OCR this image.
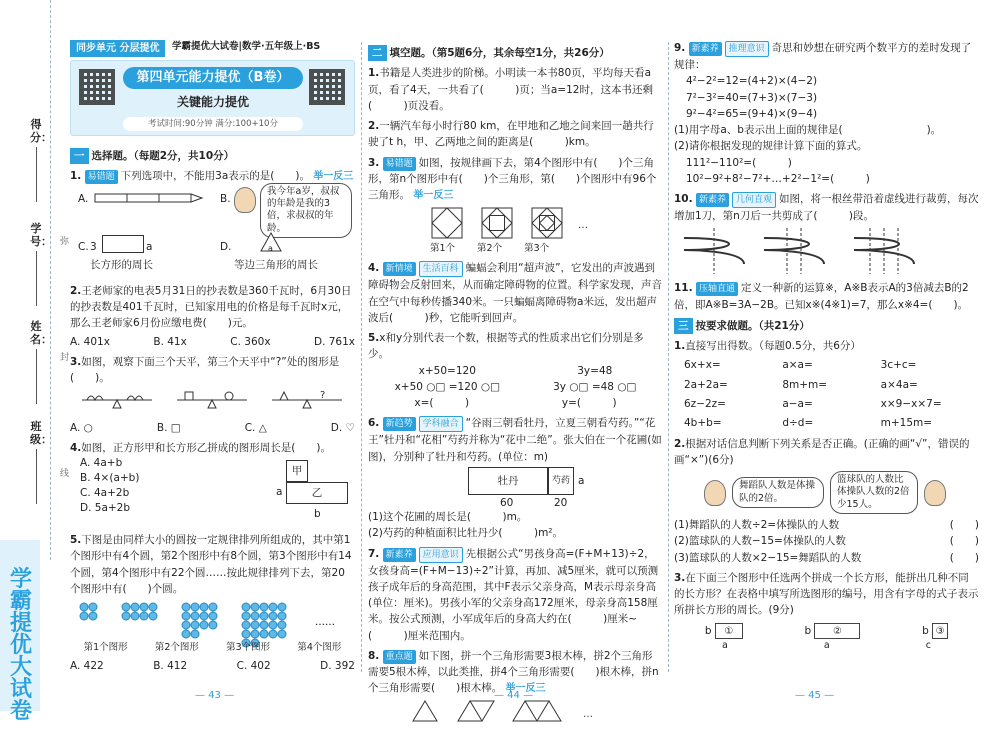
得分：
学号：
姓名：
班级：
弥
封
线
学霸提优大试卷
同步单元 分层提优	学霸提优大试卷|数学·五年级上·BS
第四单元能力提优（B卷）
关键能力提优
考试时间:90分钟 满分:100+10分
一 选择题。（每题2分，共10分）
1. 易错题 下列选项中，不能用3a表示的是(　　)。 举一反三
A.	B.
我今年a岁，叔叔的年龄是我的3倍，求叔叔的年龄。
C. 3	a
长方形的周长
D.	a
等边三角形的周长
2.王老师家的电表5月31日的抄表数是360千瓦时，6月30日的抄表数是401千瓦时，已知家用电的价格是每千瓦时x元，那么王老师家6月份应缴电费(　　)元。
A. 401x	B. 41x	C. 360x	D. 761x
3.如图，观察下面三个天平，第三个天平中“?”处的图形是(　　)。
?
A. ○	B. □	C. △	D. ♡
4.如图，正方形甲和长方形乙拼成的图形周长是(　　)。
A. 4a+b
B. 4×(a+b)
C. 4a+2b
D. 5a+2b
甲
乙
a
b
5.下图是由同样大小的圆按一定规律排列所组成的，其中第1个图形中有4个圆，第2个图形中有8个圆，第3个图形中有14个圆，第4个图形中有22个圆……按此规律排列下去，第20个图形中有(　　)个圆。
……
第1个图形	第2个图形	第3个图形	第4个图形
A. 422	B. 412	C. 402	D. 392
— 43 —
二 填空题。（第5题6分，其余每空1分，共26分）
1.书籍是人类进步的阶梯。小明读一本书80页，平均每天看a页，看了4天，一共看了(　　　)页；当a=12时，这本书还剩(　　　)页没看。
2.一辆汽车每小时行80 km，在甲地和乙地之间来回一趟共行驶了t h，甲、乙两地之间的距离是(　　　)km。
3. 易错题 如图，按规律画下去，第4个图形中有(　　)个三角形，第n个图形中有(　　)个三角形，第(　　)个图形中有96个三角形。 举一反三
…
第1个 第2个 第3个
4. 新情境 生活百科 蝙蝠会利用“超声波”，它发出的声波遇到障碍物会反射回来，从而确定障碍物的位置。科学家发现，声音在空气中每秒传播340米。一只蝙蝠离障碍物a米远，发出超声波后(　　　)秒，它能听到回声。
5.x和y分别代表一个数，根据等式的性质求出它们分别是多少。
x+50=120	3y=48
x+50 ○□ =120 ○□	3y ○□ =48 ○□
x=(　　　)	y=(　　　)
6. 新趋势 学科融合 “谷雨三朝看牡丹，立夏三朝看芍药。”“花王”牡丹和“花相”芍药并称为“花中二绝”。张大伯在一个花圃(如图)，分别种了牡丹和芍药。(单位：m)
牡丹	芍药 a
60	20
(1)这个花圃的周长是(　　　)m。
(2)芍药的种植面积比牡丹少(　　　)m²。
7. 新素养 应用意识 先根据公式“男孩身高=(F+M+13)÷2，女孩身高=(F+M−13)÷2”计算，再加、减5厘米，就可以预测孩子成年后的身高范围，其中F表示父亲身高，M表示母亲身高(单位：厘米)。男孩小军的父亲身高172厘米，母亲身高158厘米。按公式预测，小军成年后的身高大约在(　　　)厘米~(　　　)厘米范围内。
8. 重点题 如下图，拼一个三角形需要3根木棒，拼2个三角形需要5根木棒，以此类推，拼4个三角形需要(　　)根木棒，拼n个三角形需要(　　)根木棒。 举一反三
…
— 44 —
9. 新素养 推理意识 奇思和妙想在研究两个数平方的差时发现了规律：
4²−2²=12=(4+2)×(4−2)
7²−3²=40=(7+3)×(7−3)
9²−4²=65=(9+4)×(9−4)
(1)用字母a、b表示出上面的规律是(　　　　　　　　)。
(2)请你根据发现的规律计算下面的算式。
111²−110²=(　　　)
10²−9²+8²−7²+…+2²−1²=(　　　)
10. 新素养 几何直观 如图，将一根丝带沿着虚线进行裁剪，每次增加1刀，第n刀后一共剪成了(　　　)段。
11. 压轴直通 定义一种新的运算※，A※B表示A的3倍减去B的2倍，即A※B=3A−2B。已知x※(4※1)=7，那么x※4=(　　)。
三 按要求做题。（共21分）
1.直接写出得数。（每题0.5分，共6分）
6x+x=	a×a=	3c+c=
2a+2a=	8m+m=	a×4a=
6z−2z=	a−a=	x×9−x×7=
4b+b=	d÷d=	m+15m=
2.根据对话信息判断下列关系是否正确。(正确的画“√”，错误的画“×”)(6分)
舞蹈队人数是体操队的2倍。
篮球队的人数比体操队人数的2倍少15人。
(1)舞蹈队的人数÷2=体操队的人数	(　　)
(2)篮球队的人数−15=体操队的人数	(　　)
(3)篮球队的人数×2−15=舞蹈队的人数	(　　)
3.在下面三个图形中任选两个拼成一个长方形，能拼出几种不同的长方形？在表格中填写所选图形的编号，用含有字母的式子表示所拼长方形的周长。(9分)
b ①	b ②	b ③
a	a	c
— 45 —
